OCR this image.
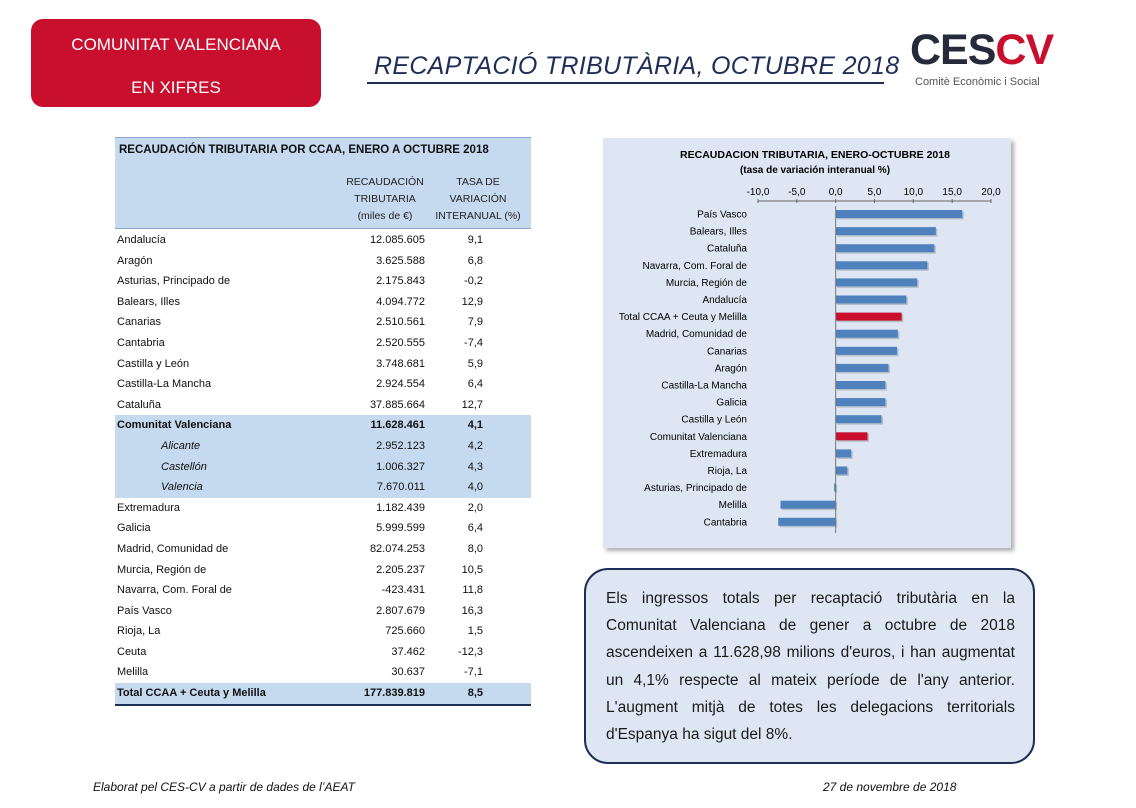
COMUNITAT VALENCIANA
EN XIFRES
RECAPTACIÓ TRIBUTÀRIA, OCTUBRE 2018 CESCV
Comitè Econòmic i Social
RECAUDACIÓN TRIBUTARIA POR CCAA, ENERO A OCTUBRE 2018
RECAUDACIÓN
TRIBUTARIA
(miles de €)
TASA DE
VARIACIÓN
INTERANUAL (%)
Andalucía	12.085.605	9,1
Aragón	3.625.588	6,8
Asturias, Principado de	2.175.843	-0,2
Balears, Illes	4.094.772	12,9
Canarias	2.510.561	7,9
Cantabria	2.520.555	-7,4
Castilla y León	3.748.681	5,9
Castilla-La Mancha	2.924.554	6,4
Cataluña	37.885.664	12,7
Comunitat Valenciana	11.628.461	4,1
Alicante	2.952.123	4,2
Castellón	1.006.327	4,3
Valencia	7.670.011	4,0
Extremadura	1.182.439	2,0
Galicia	5.999.599	6,4
Madrid, Comunidad de	82.074.253	8,0
Murcia, Región de	2.205.237	10,5
Navarra, Com. Foral de	-423.431	11,8
País Vasco	2.807.679	16,3
Rioja, La	725.660	1,5
Ceuta	37.462	-12,3
Melilla	30.637	-7,1
Total CCAA + Ceuta y Melilla	177.839.819	8,5
RECAUDACION TRIBUTARIA, ENERO-OCTUBRE 2018
(tasa de variación interanual %)
-10,0 -5,0 0,0 5,0 10,0 15,0 20,0
País Vasco
Balears, Illes
Cataluña
Navarra, Com. Foral de
Murcia, Región de
Andalucía
Total CCAA + Ceuta y Melilla
Madrid, Comunidad de
Canarias
Aragón
Castilla-La Mancha
Galicia
Castilla y León
Comunitat Valenciana
Extremadura
Rioja, La
Asturias, Principado de
Melilla
Cantabria
Els ingressos totals per recaptació tributària en la Comunitat Valenciana de gener a octubre de 2018 ascendeixen a 11.628,98 milions d'euros, i han augmentat un 4,1% respecte al mateix període de l'any anterior. L'augment mitjà de totes les delegacions territorials d'Espanya ha sigut del 8%.
Elaborat pel CES-CV a partir de dades de l’AEAT	27 de novembre de 2018
